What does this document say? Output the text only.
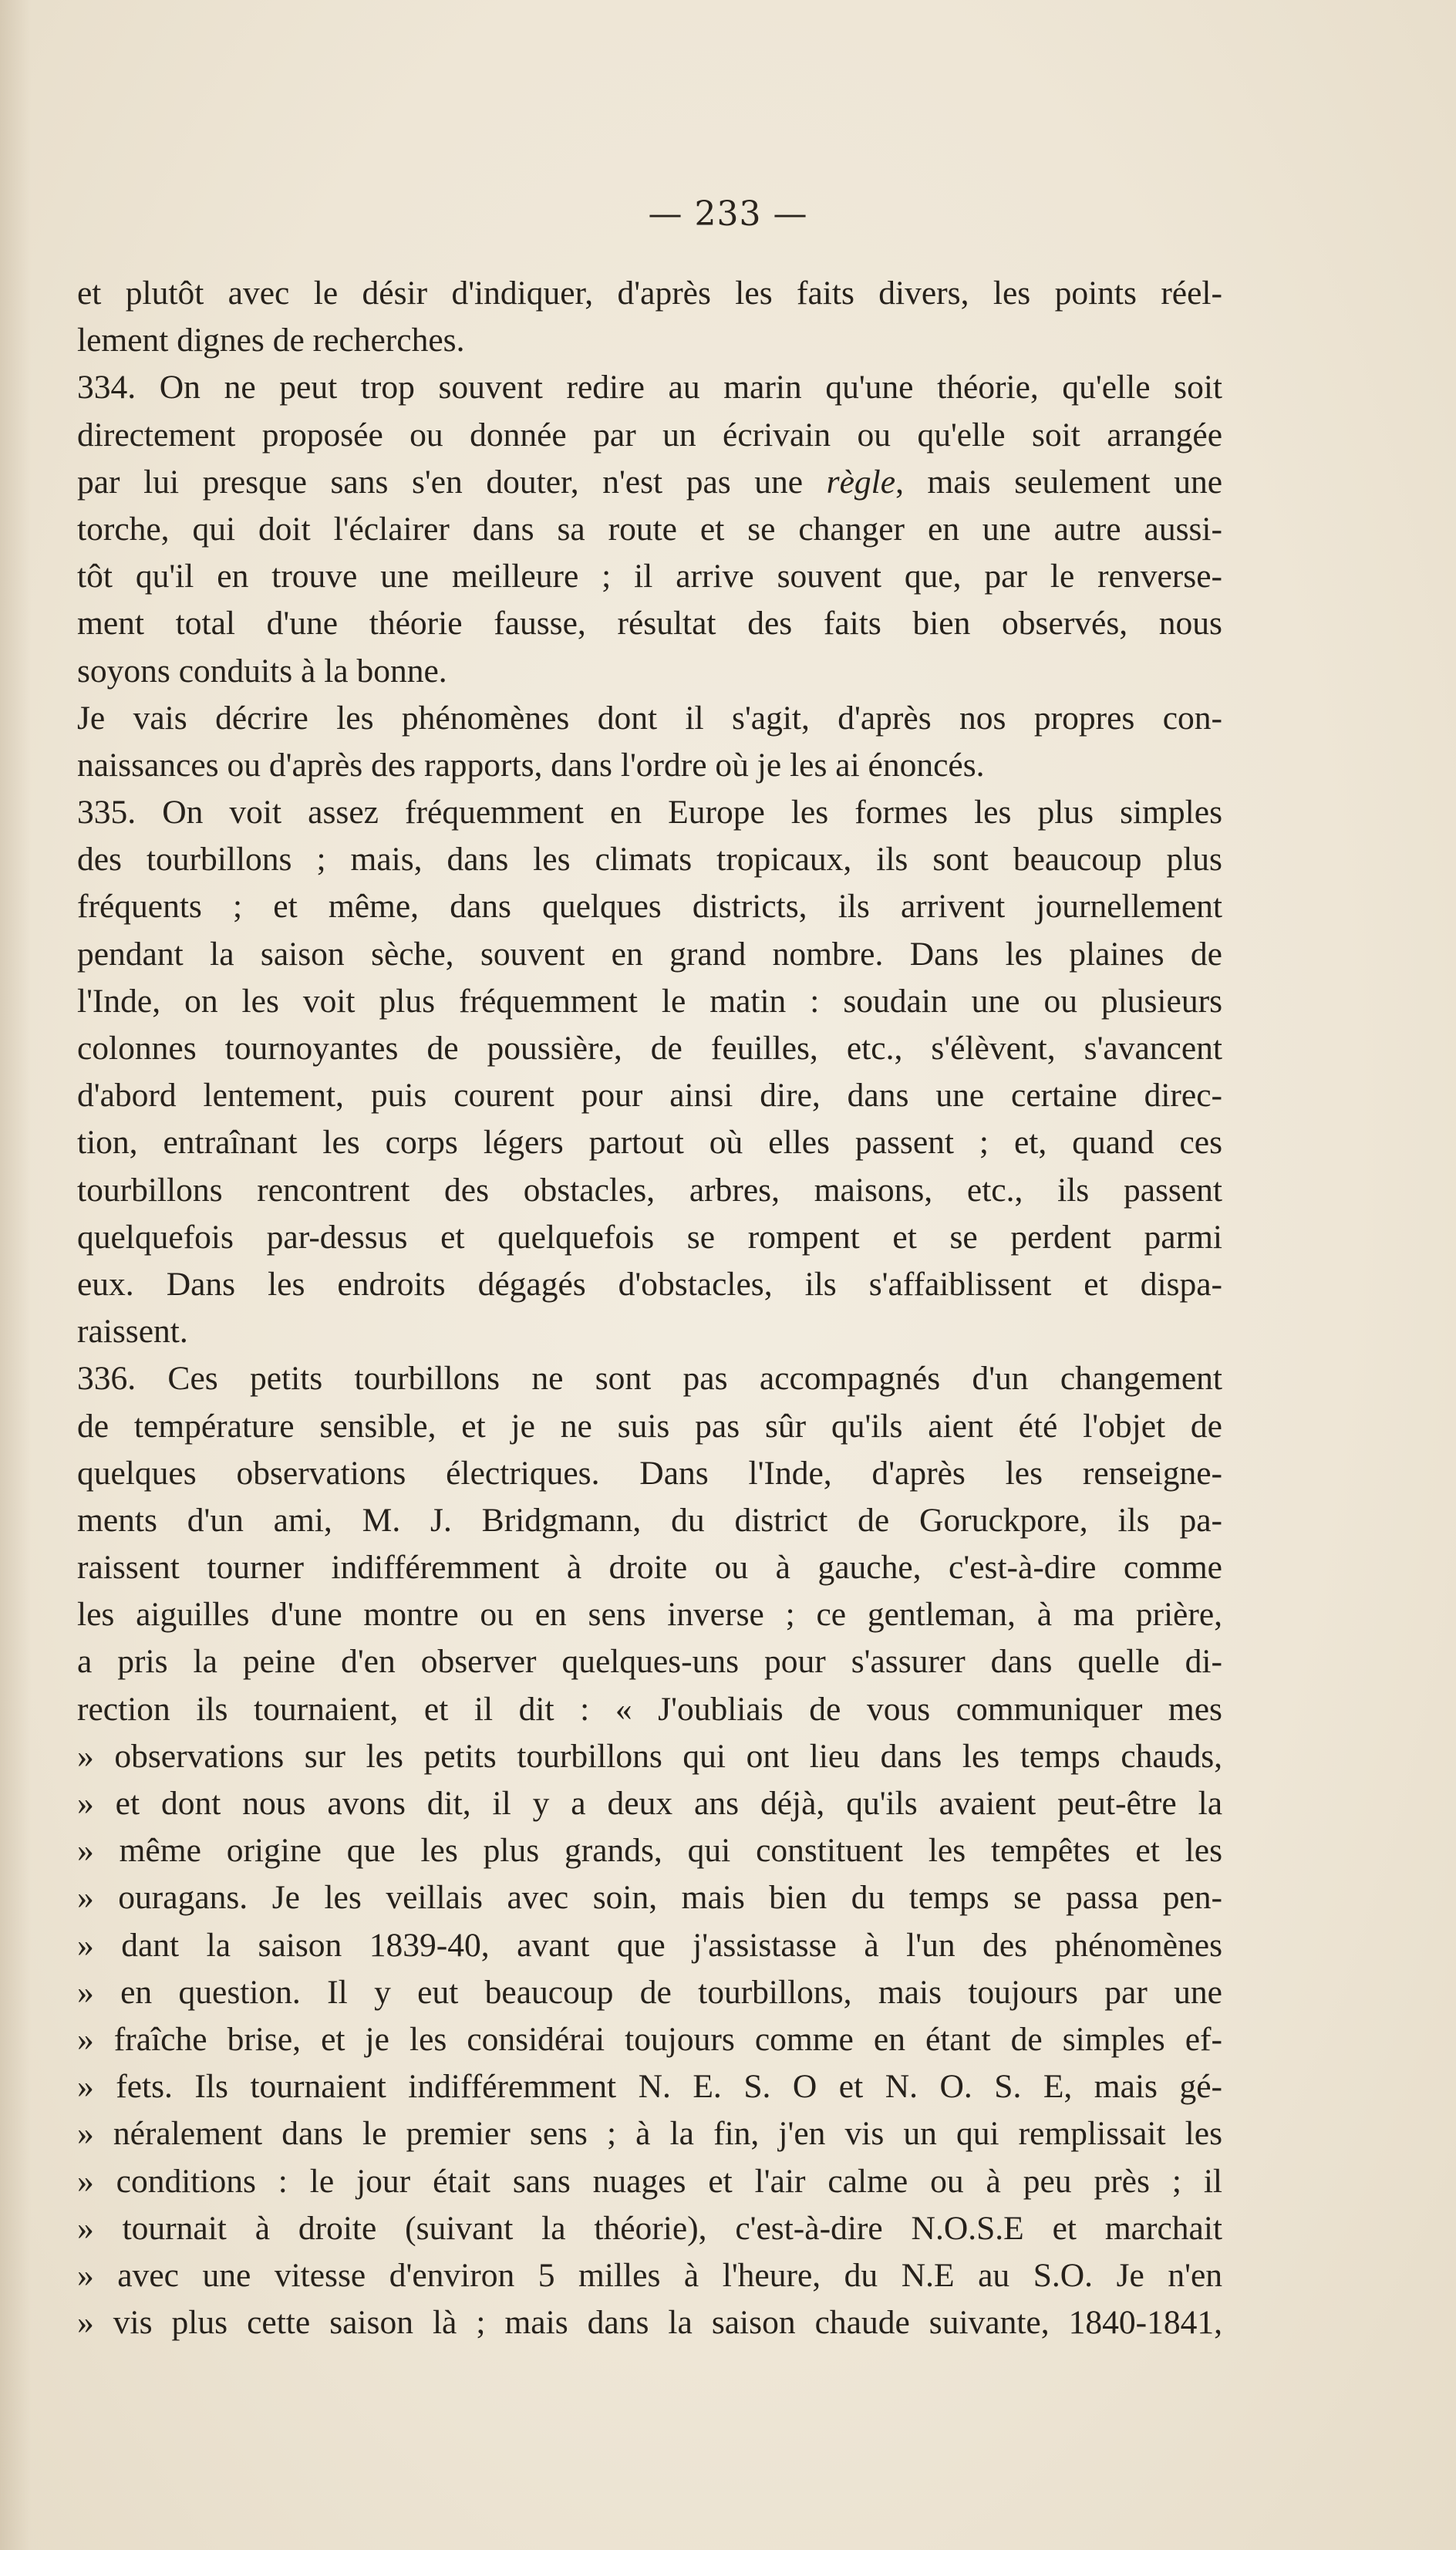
— 233 —
et plutôt avec le désir d'indiquer, d'après les faits divers, les points réel-
lement dignes de recherches.
334. On ne peut trop souvent redire au marin qu'une théorie, qu'elle soit
directement proposée ou donnée par un écrivain ou qu'elle soit arrangée
par lui presque sans s'en douter, n'est pas une règle, mais seulement une
torche, qui doit l'éclairer dans sa route et se changer en une autre aussi-
tôt qu'il en trouve une meilleure ; il arrive souvent que, par le renverse-
ment total d'une théorie fausse, résultat des faits bien observés, nous
soyons conduits à la bonne.
Je vais décrire les phénomènes dont il s'agit, d'après nos propres con-
naissances ou d'après des rapports, dans l'ordre où je les ai énoncés.
335. On voit assez fréquemment en Europe les formes les plus simples
des tourbillons ; mais, dans les climats tropicaux, ils sont beaucoup plus
fréquents ; et même, dans quelques districts, ils arrivent journellement
pendant la saison sèche, souvent en grand nombre. Dans les plaines de
l'Inde, on les voit plus fréquemment le matin : soudain une ou plusieurs
colonnes tournoyantes de poussière, de feuilles, etc., s'élèvent, s'avancent
d'abord lentement, puis courent pour ainsi dire, dans une certaine direc-
tion, entraînant les corps légers partout où elles passent ; et, quand ces
tourbillons rencontrent des obstacles, arbres, maisons, etc., ils passent
quelquefois par-dessus et quelquefois se rompent et se perdent parmi
eux. Dans les endroits dégagés d'obstacles, ils s'affaiblissent et dispa-
raissent.
336. Ces petits tourbillons ne sont pas accompagnés d'un changement
de température sensible, et je ne suis pas sûr qu'ils aient été l'objet de
quelques observations électriques. Dans l'Inde, d'après les renseigne-
ments d'un ami, M. J. Bridgmann, du district de Goruckpore, ils pa-
raissent tourner indifféremment à droite ou à gauche, c'est-à-dire comme
les aiguilles d'une montre ou en sens inverse ; ce gentleman, à ma prière,
a pris la peine d'en observer quelques-uns pour s'assurer dans quelle di-
rection ils tournaient, et il dit : « J'oubliais de vous communiquer mes
» observations sur les petits tourbillons qui ont lieu dans les temps chauds,
» et dont nous avons dit, il y a deux ans déjà, qu'ils avaient peut-être la
» même origine que les plus grands, qui constituent les tempêtes et les
» ouragans. Je les veillais avec soin, mais bien du temps se passa pen-
» dant la saison 1839-40, avant que j'assistasse à l'un des phénomènes
» en question. Il y eut beaucoup de tourbillons, mais toujours par une
» fraîche brise, et je les considérai toujours comme en étant de simples ef-
» fets. Ils tournaient indifféremment N. E. S. O et N. O. S. E, mais gé-
» néralement dans le premier sens ; à la fin, j'en vis un qui remplissait les
» conditions : le jour était sans nuages et l'air calme ou à peu près ; il
» tournait à droite (suivant la théorie), c'est-à-dire N.O.S.E et marchait
» avec une vitesse d'environ 5 milles à l'heure, du N.E au S.O. Je n'en
» vis plus cette saison là ; mais dans la saison chaude suivante, 1840-1841,
